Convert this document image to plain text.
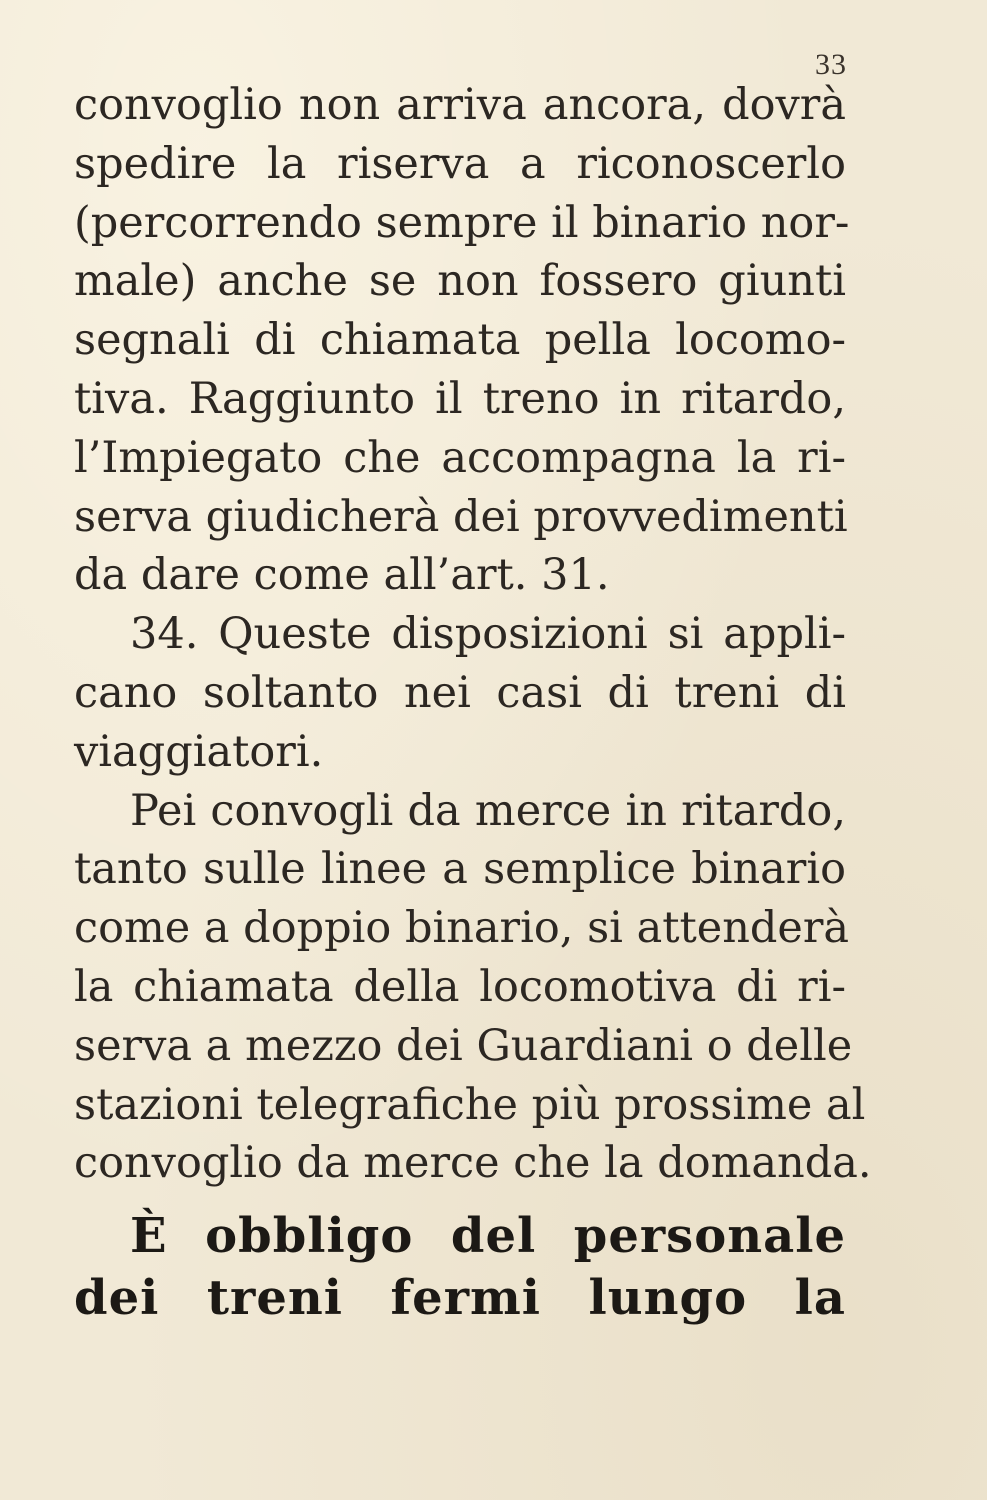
33
convoglio non arriva ancora, dovrà
spedire la riserva a riconoscerlo
(percorrendo sempre il binario nor-
male) anche se non fossero giunti
segnali di chiamata pella locomo-
tiva. Raggiunto il treno in ritardo,
l’Impiegato che accompagna la ri-
serva giudicherà dei provvedimenti
da dare come all’art. 31.
34. Queste disposizioni si appli-
cano soltanto nei casi di treni di
viaggiatori.
Pei convogli da merce in ritardo,
tanto sulle linee a semplice binario
come a doppio binario, si attenderà
la chiamata della locomotiva di ri-
serva a mezzo dei Guardiani o delle
stazioni telegrafiche più prossime al
convoglio da merce che la domanda.
È obbligo del personale
dei treni fermi lungo la
